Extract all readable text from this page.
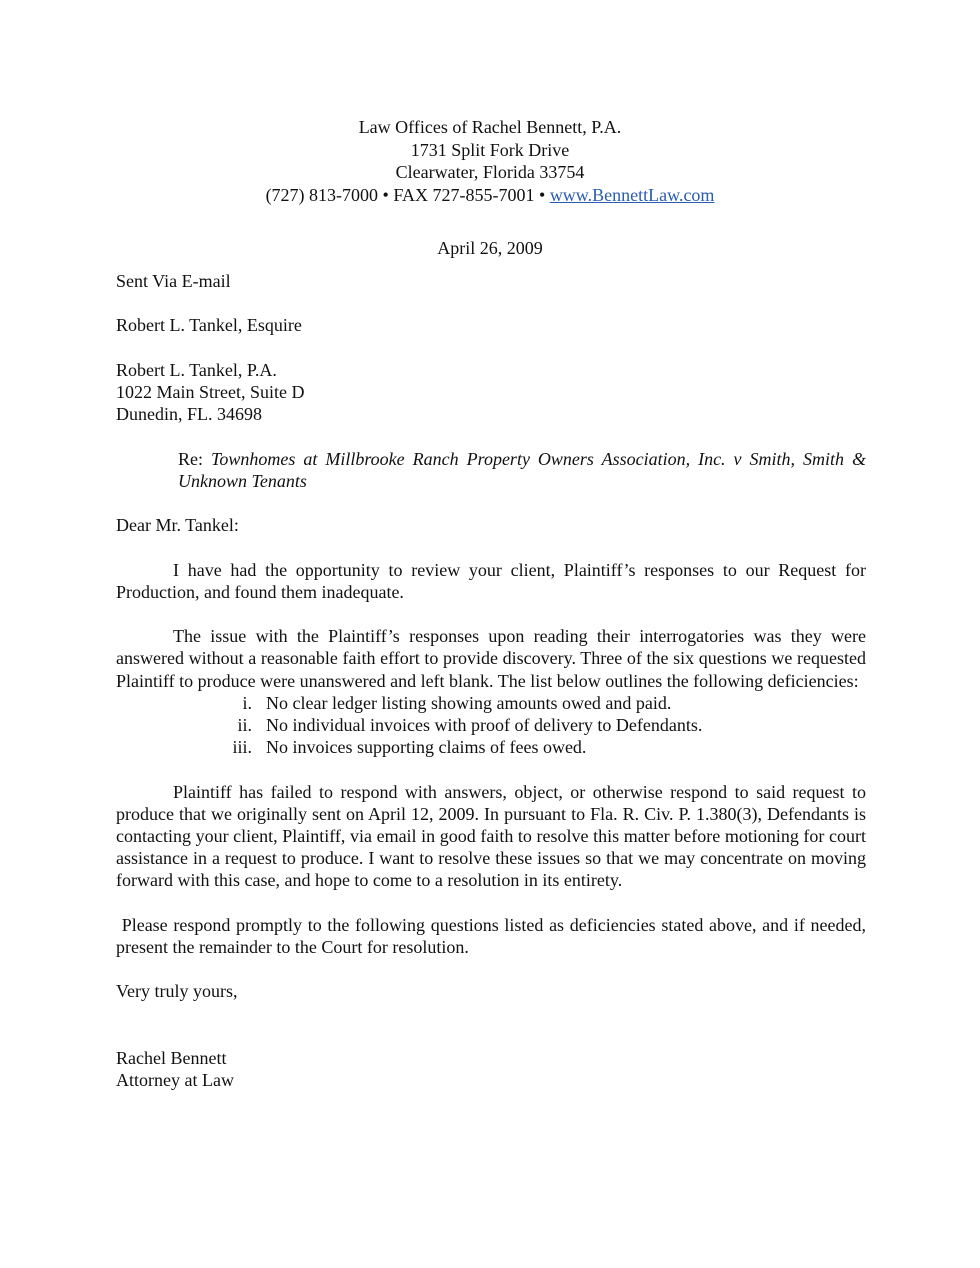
Law Offices of Rachel Bennett, P.A.
1731 Split Fork Drive
Clearwater, Florida 33754
(727) 813-7000 • FAX 727-855-7001 • www.BennettLaw.com
April 26, 2009

Sent Via E-mail

Robert L. Tankel, Esquire

Robert L. Tankel, P.A.

1022 Main Street, Suite D

Dunedin, FL. 34698

Re: Townhomes at Millbrooke Ranch Property Owners Association, Inc. v Smith, Smith & Unknown Tenants

Dear Mr. Tankel:

I have had the opportunity to review your client, Plaintiff’s responses to our Request for Production, and found them inadequate.

The issue with the Plaintiff’s responses upon reading their interrogatories was they were answered without a reasonable faith effort to provide discovery. Three of the six questions we requested Plaintiff to produce were unanswered and left blank. The list below outlines the following deficiencies:

i. No clear ledger listing showing amounts owed and paid.
ii. No individual invoices with proof of delivery to Defendants.
iii. No invoices supporting claims of fees owed.

Plaintiff has failed to respond with answers, object, or otherwise respond to said request to produce that we originally sent on April 12, 2009. In pursuant to Fla. R. Civ. P. 1.380(3), Defendants is contacting your client, Plaintiff, via email in good faith to resolve this matter before motioning for court assistance in a request to produce. I want to resolve these issues so that we may concentrate on moving forward with this case, and hope to come to a resolution in its entirety.

Please respond promptly to the following questions listed as deficiencies stated above, and if needed, present the remainder to the Court for resolution.

Very truly yours,

Rachel Bennett

Attorney at Law
